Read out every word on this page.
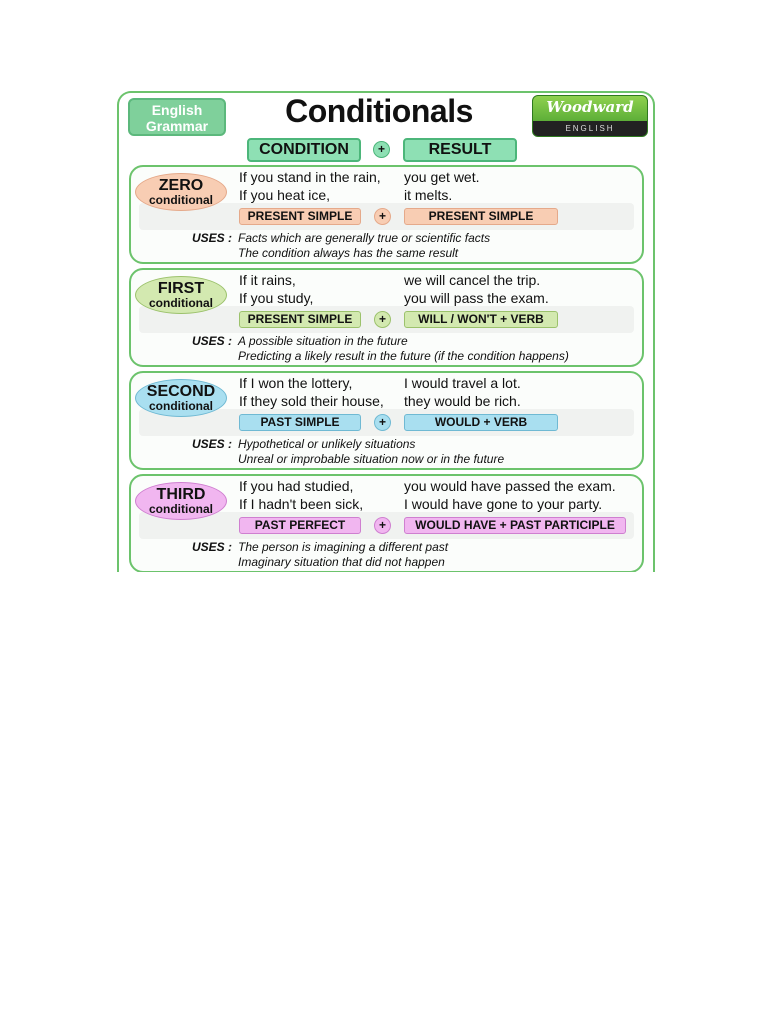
English
Grammar	Conditionals	Woodward
ENGLISH
CONDITION	+	RESULT
ZERO
conditional
If you stand in the rain, you get wet.
If you heat ice,	it melts.
PRESENT SIMPLE	+	PRESENT SIMPLE
USES : Facts which are generally true or scientific facts
The condition always has the same result
FIRST
conditional
If it rains,	we will cancel the trip.
If you study,	you will pass the exam.
PRESENT SIMPLE	+	WILL / WON'T + VERB
USES : A possible situation in the future
Predicting a likely result in the future (if the condition happens)
SECOND
conditional
If I won the lottery,	I would travel a lot.
If they sold their house, they would be rich.
PAST SIMPLE	+	WOULD + VERB
USES : Hypothetical or unlikely situations
Unreal or improbable situation now or in the future
THIRD
conditional
If you had studied,	you would have passed the exam.
If I hadn't been sick,	I would have gone to your party.
PAST PERFECT	+	WOULD HAVE + PAST PARTICIPLE
USES : The person is imagining a different past
Imaginary situation that did not happen
